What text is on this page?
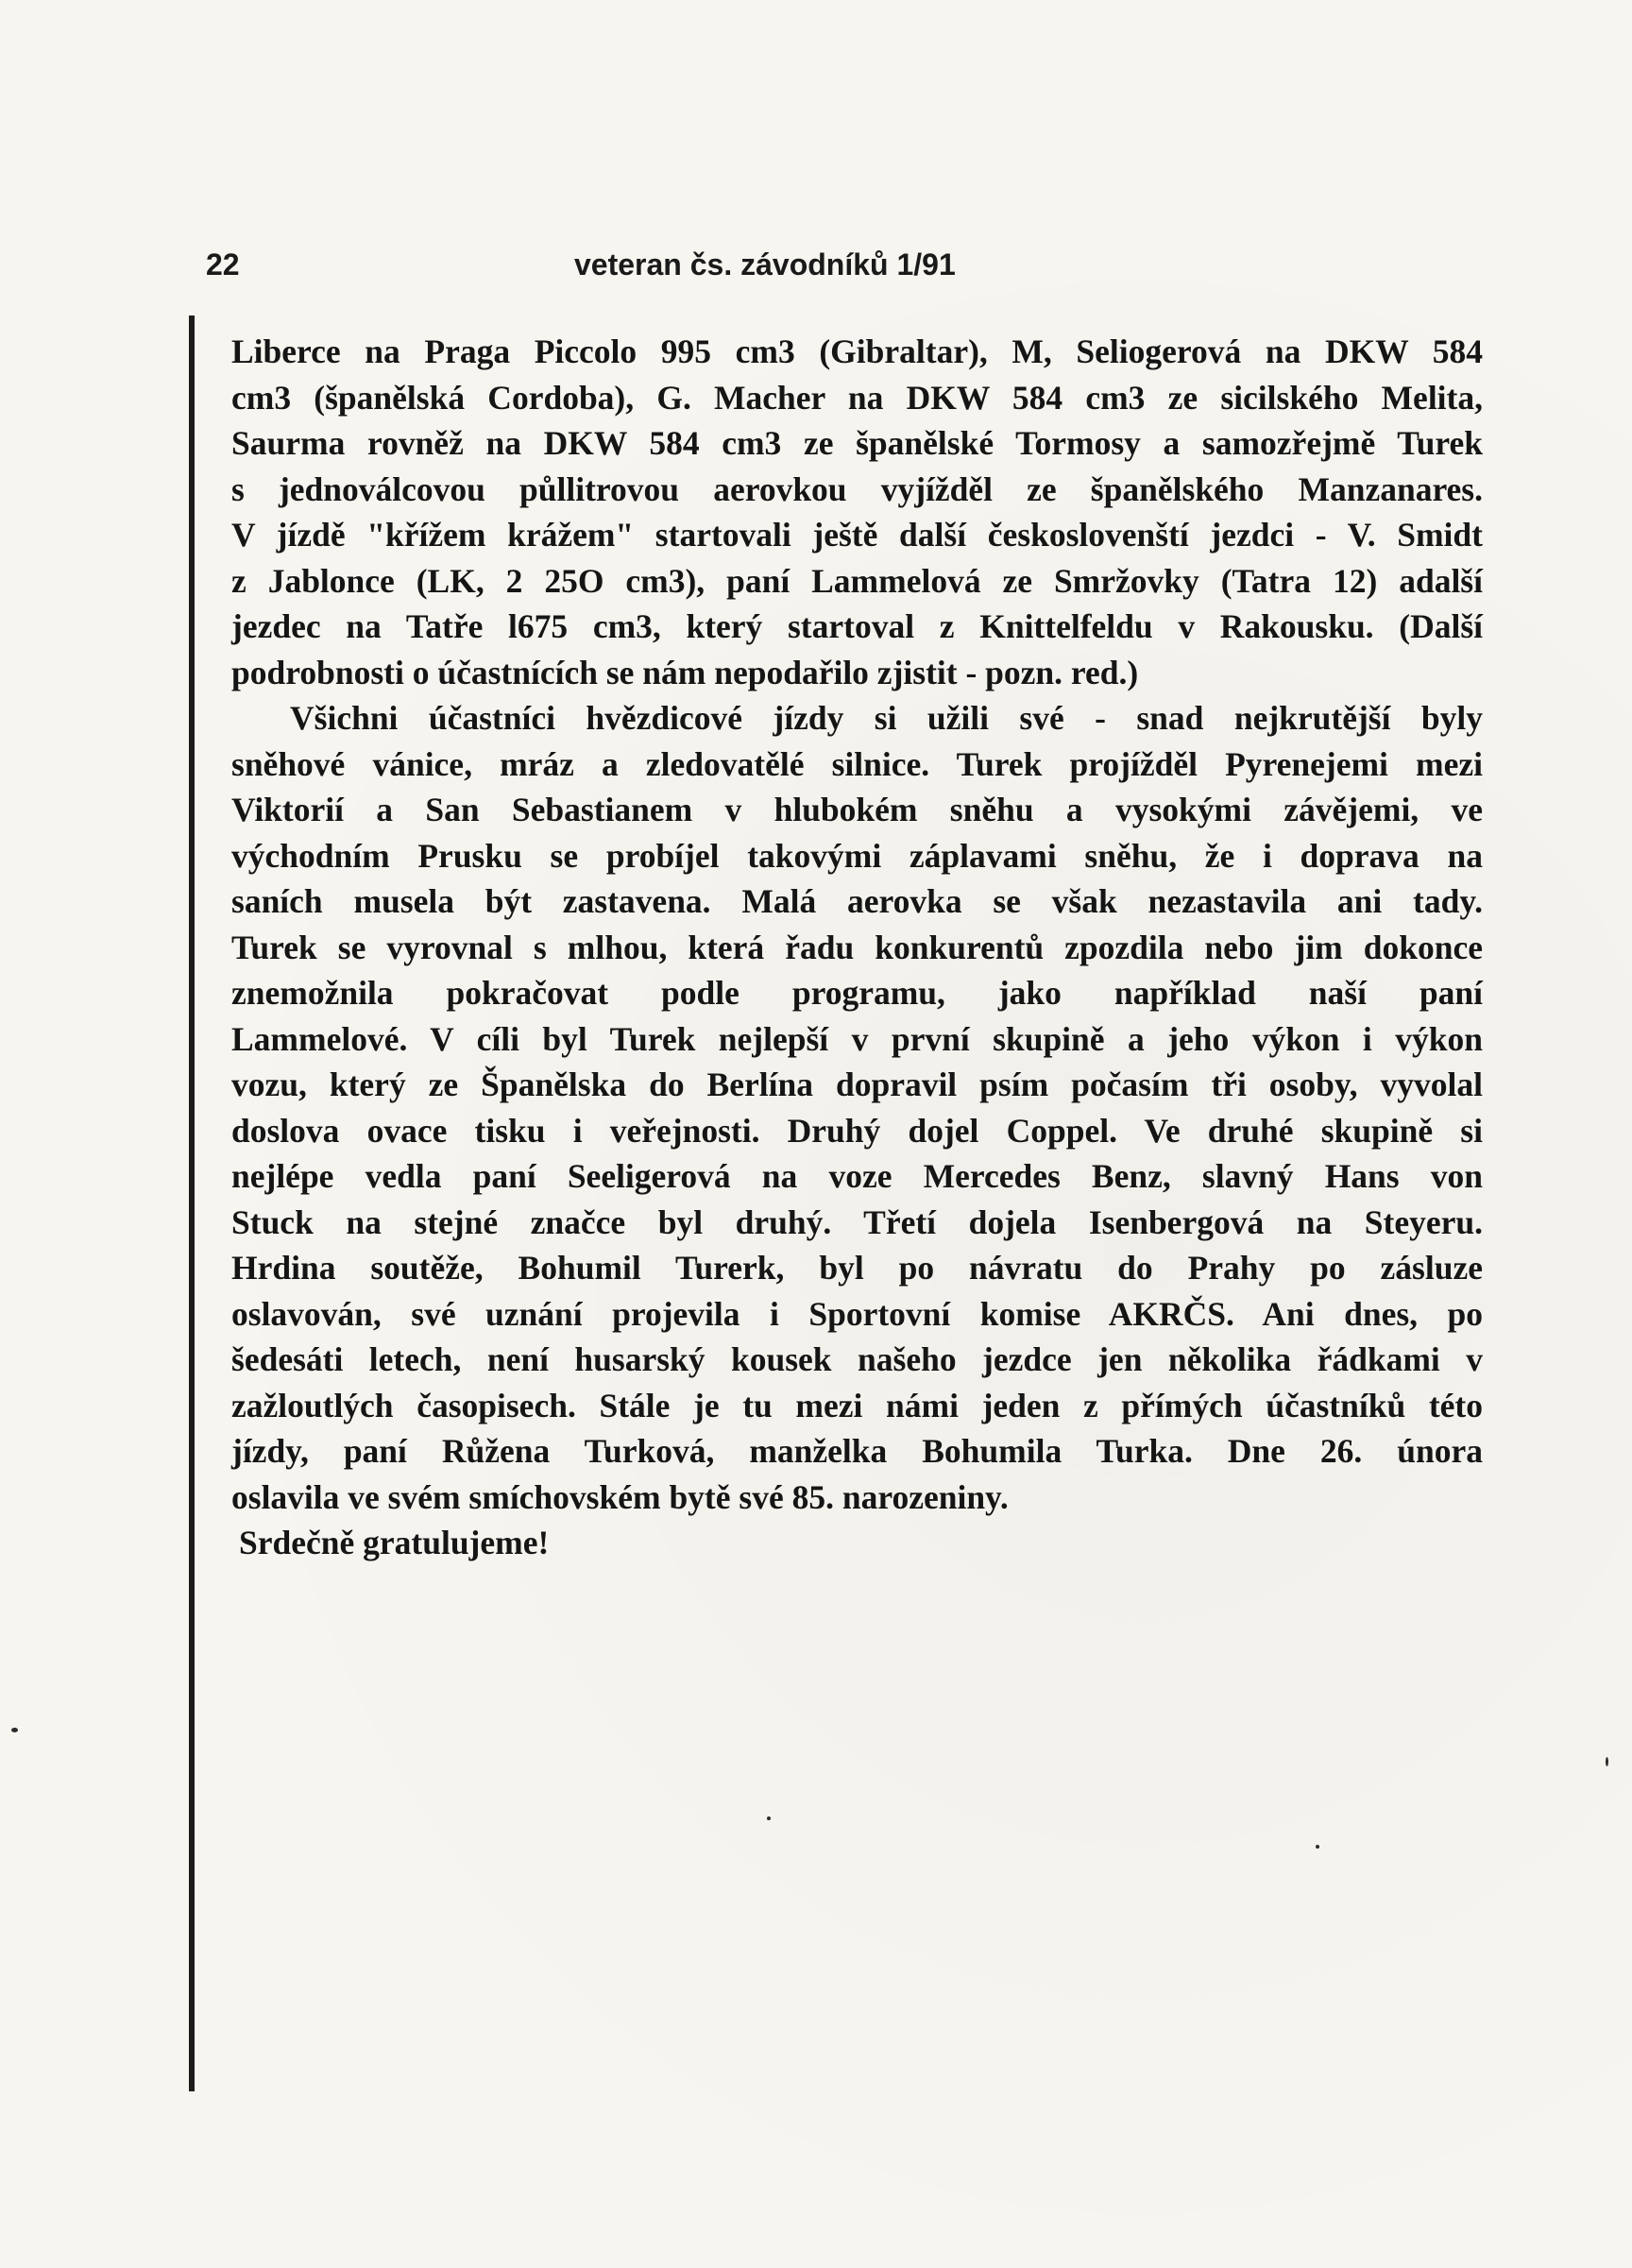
22	veteran čs. závodníků 1/91
Liberce na Praga Piccolo 995 cm3 (Gibraltar), M, Seliogerová na DKW 584
cm3 (španělská Cordoba), G. Macher na DKW 584 cm3 ze sicilského Melita,
Saurma rovněž na DKW 584 cm3 ze španělské Tormosy a samozřejmě Turek
s jednoválcovou půllitrovou aerovkou vyjížděl ze španělského Manzanares.
V jízdě "křížem krážem" startovali ještě další českoslovenští jezdci - V. Smidt
z Jablonce (LK, 2 25O cm3), paní Lammelová ze Smržovky (Tatra 12) adalší
jezdec na Tatře l675 cm3, který startoval z Knittelfeldu v Rakousku. (Další
podrobnosti o účastnících se nám nepodařilo zjistit - pozn. red.)
Všichni účastníci hvězdicové jízdy si užili své - snad nejkrutější byly
sněhové vánice, mráz a zledovatělé silnice. Turek projížděl Pyrenejemi mezi
Viktorií a San Sebastianem v hlubokém sněhu a vysokými závějemi, ve
východním Prusku se probíjel takovými záplavami sněhu, že i doprava na
saních musela být zastavena. Malá aerovka se však nezastavila ani tady.
Turek se vyrovnal s mlhou, která řadu konkurentů zpozdila nebo jim dokonce
znemožnila pokračovat podle programu, jako například naší paní
Lammelové. V cíli byl Turek nejlepší v první skupině a jeho výkon i výkon
vozu, který ze Španělska do Berlína dopravil psím počasím tři osoby, vyvolal
doslova ovace tisku i veřejnosti. Druhý dojel Coppel. Ve druhé skupině si
nejlépe vedla paní Seeligerová na voze Mercedes Benz, slavný Hans von
Stuck na stejné značce byl druhý. Třetí dojela Isenbergová na Steyeru.
Hrdina soutěže, Bohumil Turerk, byl po návratu do Prahy po zásluze
oslavován, své uznání projevila i Sportovní komise AKRČS. Ani dnes, po
šedesáti letech, není husarský kousek našeho jezdce jen několika řádkami v
zažloutlých časopisech. Stále je tu mezi námi jeden z přímých účastníků této
jízdy, paní Růžena Turková, manželka Bohumila Turka. Dne 26. února
oslavila ve svém smíchovském bytě své 85. narozeniny.
Srdečně gratulujeme!
